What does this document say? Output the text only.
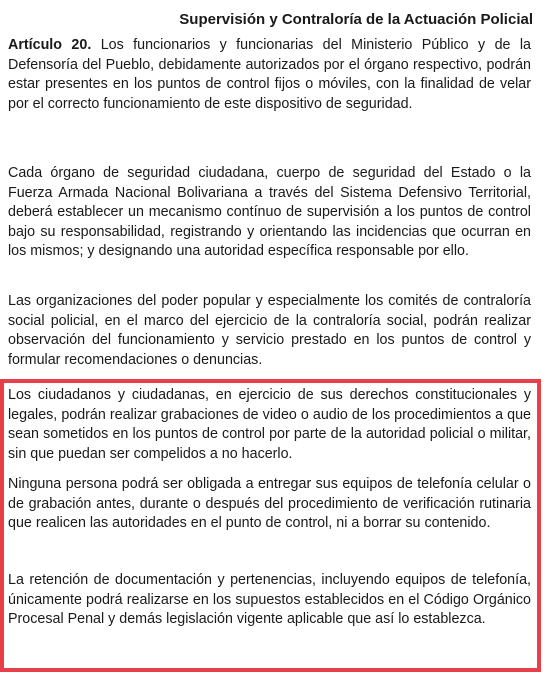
Supervisión y Contraloría de la Actuación Policial

Artículo 20. Los funcionarios y funcionarias del Ministerio Público y de la Defensoría del Pueblo, debidamente autorizados por el órgano respectivo, podrán estar presentes en los puntos de control fijos o móviles, con la finalidad de velar por el correcto funcionamiento de este dispositivo de seguridad.

Cada órgano de seguridad ciudadana, cuerpo de seguridad del Estado o la Fuerza Armada Nacional Bolivariana a través del Sistema Defensivo Territorial, deberá establecer un mecanismo contínuo de supervisión a los puntos de control bajo su responsabilidad, registrando y orientando las incidencias que ocurran en los mismos; y designando una autoridad específica responsable por ello.

Las organizaciones del poder popular y especialmente los comités de contraloría social policial, en el marco del ejercicio de la contraloría social, podrán realizar observación del funcionamiento y servicio prestado en los puntos de control y formular recomendaciones o denuncias.

Los ciudadanos y ciudadanas, en ejercicio de sus derechos constitucionales y legales, podrán realizar grabaciones de video o audio de los procedimientos a que sean sometidos en los puntos de control por parte de la autoridad policial o militar, sin que puedan ser compelidos a no hacerlo.

Ninguna persona podrá ser obligada a entregar sus equipos de telefonía celular o de grabación antes, durante o después del procedimiento de verificación rutinaria que realicen las autoridades en el punto de control, ni a borrar su contenido.

La retención de documentación y pertenencias, incluyendo equipos de telefonía, únicamente podrá realizarse en los supuestos establecidos en el Código Orgánico Procesal Penal y demás legislación vigente aplicable que así lo establezca.
